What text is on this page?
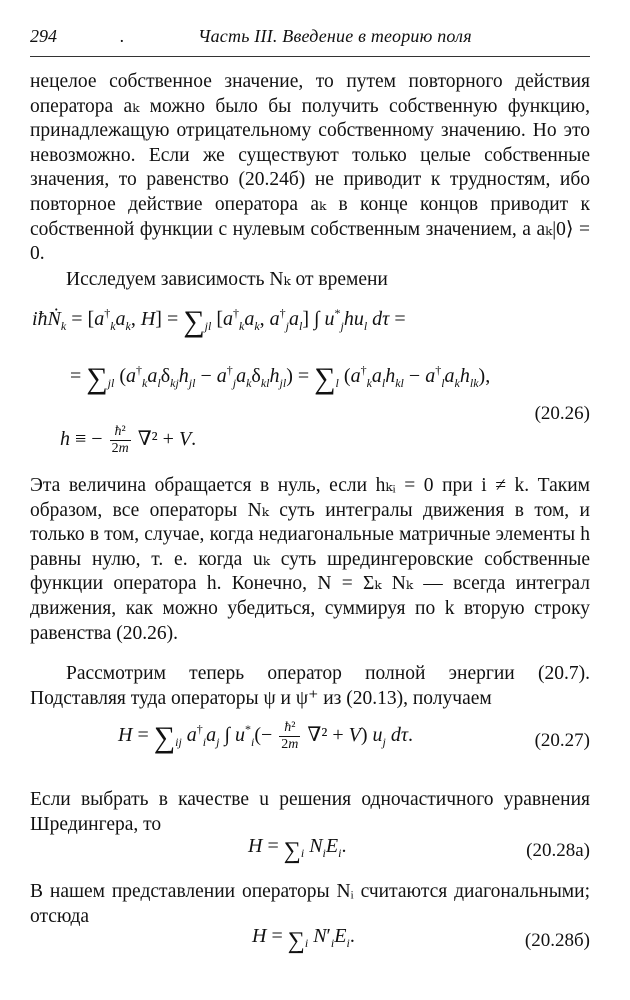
294	.	Часть III. Введение в теорию поля
нецелое собственное значение, то путем повторного действия оператора aₖ можно было бы получить собственную функцию, принадлежащую отрицательному собственному значению. Но это невозможно. Если же существуют только целые собственные значения, то равенство (20.24б) не приводит к трудностям, ибо повторное действие оператора aₖ в конце концов приводит к собственной функции с нулевым собственным значением, а aₖ|0⟩ = 0.
Исследуем зависимость Nₖ от времени
iħṄ$_k$ = [$a^\dagger_ka_k$, $H] = \sum_{jl}$ [$a^\dagger_ka_k$, $a^\dagger_ja_l$] ∫ $u^*_jhu_l$ dτ =
= $\sum_{jl}$ $(a^\dagger_ka_l\delta_{kj}h_{jl} - a^\dagger_ja_k\delta_{kl}h_{jl}) = \sum_l$ $(a^\dagger_ka_lh_{kl} - a^\dagger_la_kh_{lk})$,
(20.26)
h ≡ − $\frac{\text{ħ²}}{2m} \nabla^2 + V$.
Эта величина обращается в нуль, если hₖᵢ = 0 при i ≠ k. Таким образом, все операторы Nₖ суть интегралы движения в том, и только в том, случае, когда недиагональные матричные элементы h равны нулю, т. е. когда uₖ суть шредингеровские собственные функции оператора h. Конечно, N = Σₖ Nₖ — всегда интеграл движения, как можно убедиться, суммируя по k вторую строку равенства (20.26).
Рассмотрим теперь оператор полной энергии (20.7). Подставляя туда операторы ψ и ψ⁺ из (20.13), получаем
$H = \sum_{ij}$ $a^\dagger_ia_j$ ∫ $u^*_i(- \frac{\text{ħ²}}{2m} \nabla^2 + V)$ $u_j$ dτ.	(20.27)
Если выбрать в качестве u решения одночастичного уравнения Шредингера, то
$H = \sum_i$ $N_iE_i$.	(20.28а)
В нашем представлении операторы Nᵢ считаются диагональными; отсюда
$H = \sum_i$ $N'_iE_i$.	(20.28б)
